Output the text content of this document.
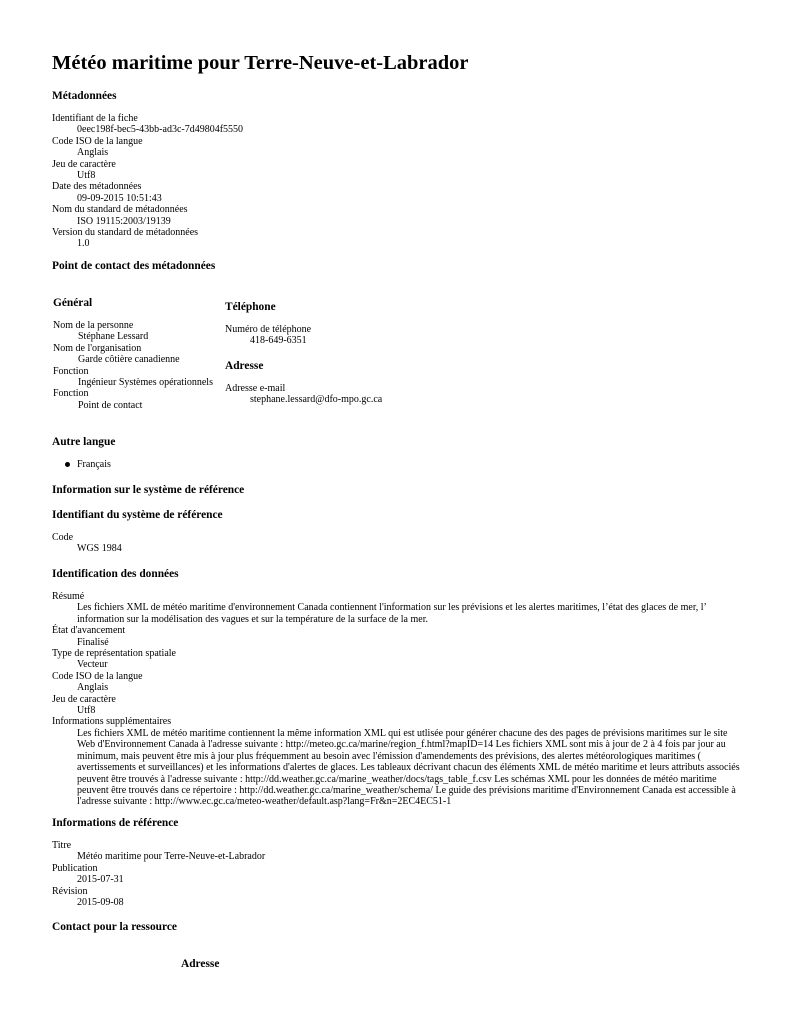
Météo maritime pour Terre-Neuve-et-Labrador
Métadonnées
Identifiant de la fiche
0eec198f-bec5-43bb-ad3c-7d49804f5550
Code ISO de la langue
Anglais
Jeu de caractère
Utf8
Date des métadonnées
09-09-2015 10:51:43
Nom du standard de métadonnées
ISO 19115:2003/19139
Version du standard de métadonnées
1.0
Point de contact des métadonnées
Général
Nom de la personne
Stéphane Lessard
Nom de l'organisation
Garde côtière canadienne
Fonction
Ingénieur Systèmes opérationnels
Fonction
Point de contact
Téléphone
Numéro de téléphone
418-649-6351
Adresse
Adresse e-mail
stephane.lessard@dfo-mpo.gc.ca
Autre langue
Français
Information sur le système de référence
Identifiant du système de référence
Code
WGS 1984
Identification des données
Résumé
Les fichiers XML de météo maritime d'environnement Canada contiennent l'information sur les prévisions et les alertes maritimes, l’état des glaces de mer, l’ information sur la modélisation des vagues et sur la température de la surface de la mer.
État d'avancement
Finalisé
Type de représentation spatiale
Vecteur
Code ISO de la langue
Anglais
Jeu de caractère
Utf8
Informations supplémentaires
Les fichiers XML de météo maritime contiennent la même information XML qui est utlisée pour générer chacune des des pages de prévisions maritimes sur le site Web d'Environnement Canada à l'adresse suivante : http://meteo.gc.ca/marine/region_f.html?mapID=14 Les fichiers XML sont mis à jour de 2 à 4 fois par jour au minimum, mais peuvent être mis à jour plus fréquemment au besoin avec l'émission d'amendements des prévisions, des alertes météorologiques maritimes ( avertissements et surveillances) et les informations d'alertes de glaces. Les tableaux décrivant chacun des éléments XML de météo maritime et leurs attributs associés peuvent être trouvés à l'adresse suivante : http://dd.weather.gc.ca/marine_weather/docs/tags_table_f.csv Les schémas XML pour les données de météo maritime peuvent être trouvés dans ce répertoire : http://dd.weather.gc.ca/marine_weather/schema/ Le guide des prévisions maritime d'Environnement Canada est accessible à l'adresse suivante : http://www.ec.gc.ca/meteo-weather/default.asp?lang=Fr&n=2EC4EC51-1
Informations de référence
Titre
Météo maritime pour Terre-Neuve-et-Labrador
Publication
2015-07-31
Révision
2015-09-08
Contact pour la ressource
Adresse
